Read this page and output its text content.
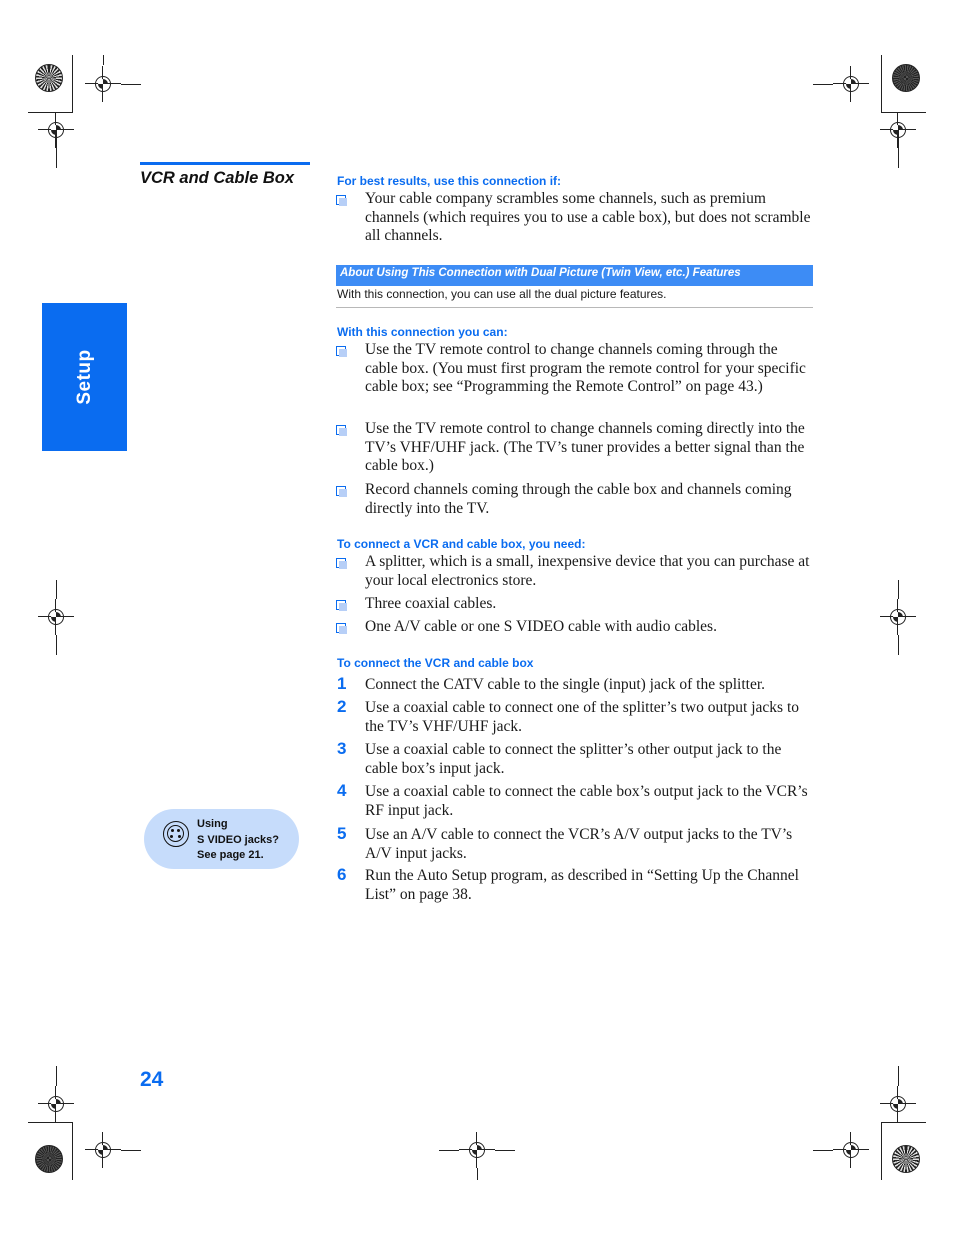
Setup
VCR and Cable Box	For best results, use this connection if:
Your cable company scrambles some channels, such as premium channels (which requires you to use a cable box), but does not scramble all channels.
About Using This Connection with Dual Picture (Twin View, etc.) Features
With this connection, you can use all the dual picture features.
With this connection you can:
Use the TV remote control to change channels coming through the cable box. (You must first program the remote control for your specific cable box; see “Programming the Remote Control” on page 43.)
Use the TV remote control to change channels coming directly into the TV’s VHF/UHF jack. (The TV’s tuner provides a better signal than the cable box.)
Record channels coming through the cable box and channels coming directly into the TV.
To connect a VCR and cable box, you need:
A splitter, which is a small, inexpensive device that you can purchase at your local electronics store.
Three coaxial cables.
One A/V cable or one S VIDEO cable with audio cables.
To connect the VCR and cable box
1 Connect the CATV cable to the single (input) jack of the splitter.
2 Use a coaxial cable to connect one of the splitter’s two output jacks to the TV’s VHF/UHF jack.
3 Use a coaxial cable to connect the splitter’s other output jack to the cable box’s input jack.
4 Use a coaxial cable to connect the cable box’s output jack to the VCR’s RF input jack.
5 Use an A/V cable to connect the VCR’s A/V output jacks to the TV’s A/V input jacks.
6 Run the Auto Setup program, as described in “Setting Up the Channel List” on page 38.
Using
S VIDEO jacks?
See page 21.
24
